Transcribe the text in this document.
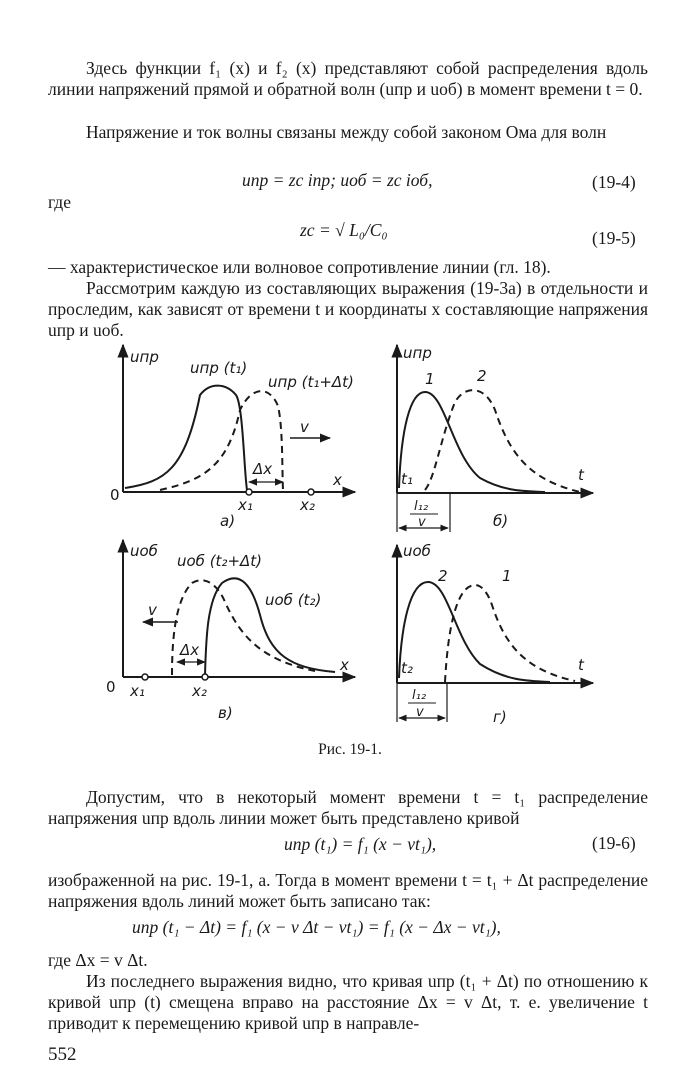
Здесь функции f₁ (x) и f₂ (x) представляют собой распределения вдоль линии напряжений прямой и обратной волн (uпр и uоб) в момент времени t = 0.
Напряжение и ток волны связаны между собой законом Ома для волн
uпр = zc iпр; uоб = zc iоб,	(19-4)
где
zc = √ L₀/C₀	(19-5)
— характеристическое или волновое сопротивление линии (гл. 18).
Рассмотрим каждую из составляющих выражения (19-3а) в отдельности и проследим, как зависят от времени t и координаты x составляющие напряжения uпр и uоб.
uпр
uпр (t₁)
uпр (t₁+Δt)
v
Δx
x
0
x₁	x₂
а)
uпр
1	2
t
t₁
l₁₂
v	б)
uоб
uоб (t₂+Δt)
uоб (t₂)
v
Δx
x
0 x₁	x₂
в)
uоб
2	1
t
t₂
l₁₂
v	г)
Рис. 19-1.
Допустим, что в некоторый момент времени t = t₁ распределение напряжения uпр вдоль линии может быть представлено кривой
uпр (t₁) = f₁ (x − vt₁),	(19-6)
изображенной на рис. 19-1, а. Тогда в момент времени t = t₁ + Δt распределение напряжения вдоль линий может быть записано так:
uпр (t₁ − Δt) = f₁ (x − v Δt − vt₁) = f₁ (x − Δx − vt₁),
где Δx = v Δt.
Из последнего выражения видно, что кривая uпр (t₁ + Δt) по отношению к кривой uпр (t) смещена вправо на расстояние Δx = v Δt, т. е. увеличение t приводит к перемещению кривой uпр в направле-
552
